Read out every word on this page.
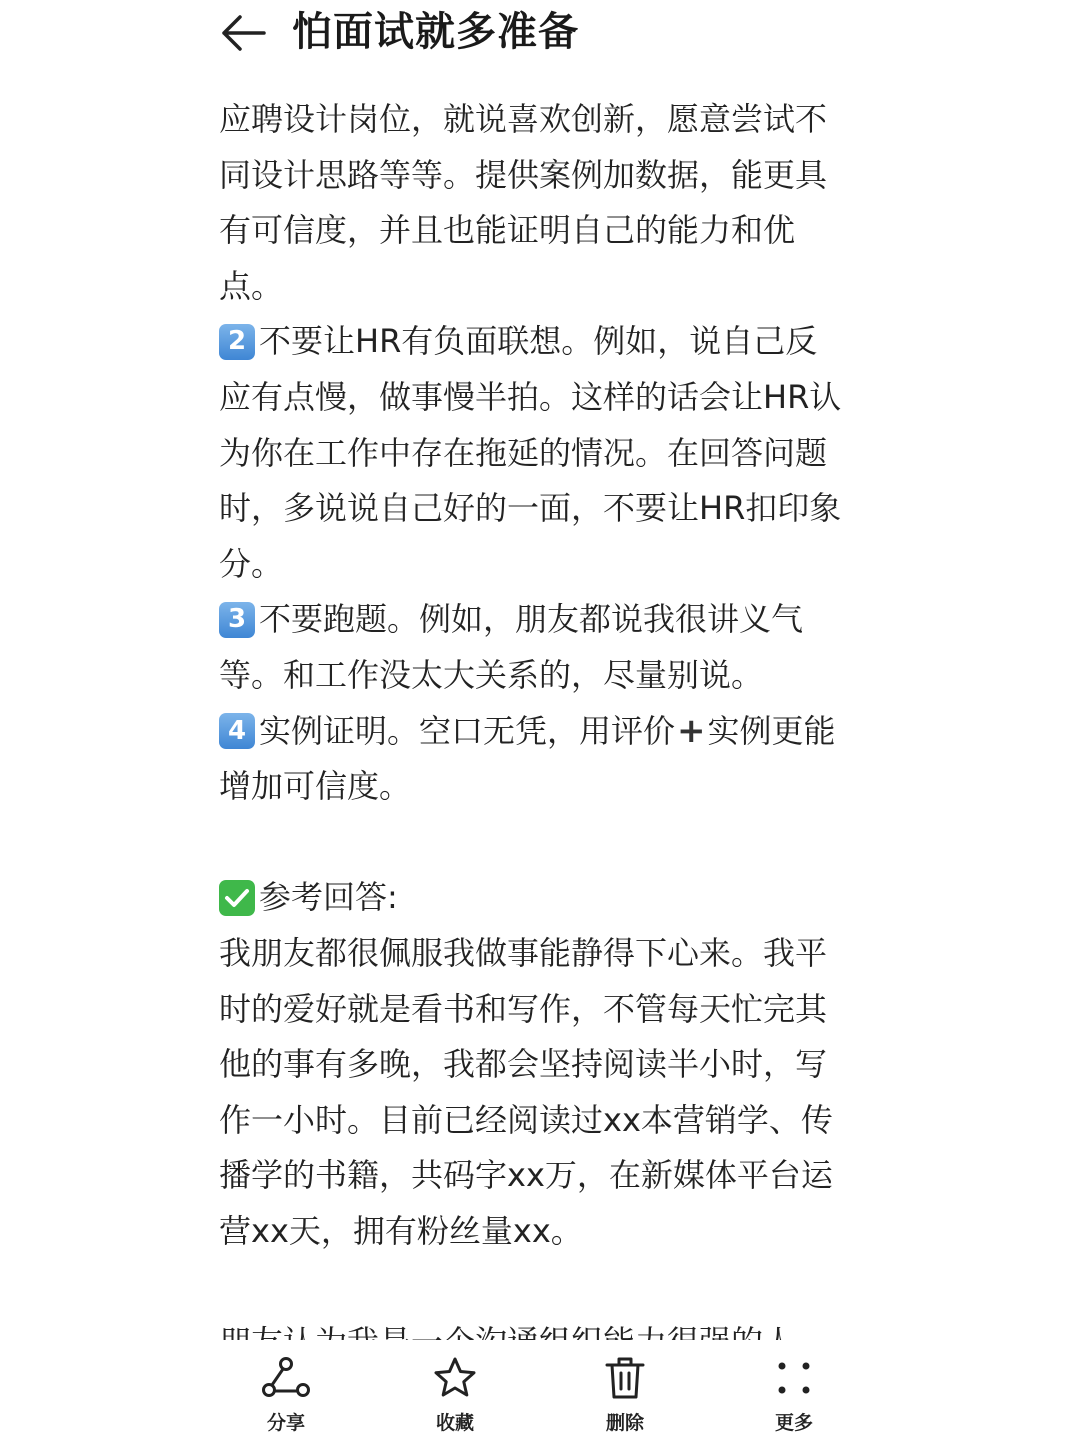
怕面试就多准备
应聘设计岗位，就说喜欢创新，愿意尝试不
同设计思路等等。提供案例加数据，能更具
有可信度，并且也能证明自己的能力和优
点。
2 不要让HR有负面联想。例如，说自己反
应有点慢，做事慢半拍。这样的话会让HR认
为你在工作中存在拖延的情况。在回答问题
时，多说说自己好的一面，不要让HR扣印象
分。
3 不要跑题。例如，朋友都说我很讲义气
等。和工作没太大关系的，尽量别说。
4 实例证明。空口无凭，用评价 + 实例更能
增加可信度。
参考回答:
我朋友都很佩服我做事能静得下心来。我平
时的爱好就是看书和写作，不管每天忙完其
他的事有多晚，我都会坚持阅读半小时，写
作一小时。目前已经阅读过xx本营销学、传
播学的书籍，共码字xx万，在新媒体平台运
营xx天，拥有粉丝量xx。
分享	收藏	删除	更多
